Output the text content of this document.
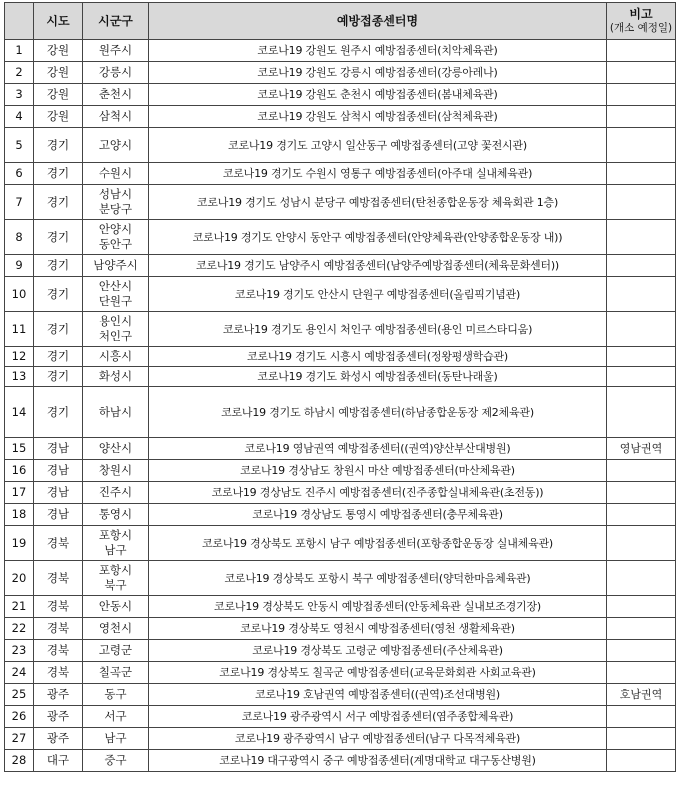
	시도	시군구	예방접종센터명	비고
(개소 예정일)

1	강원	원주시	코로나19 강원도 원주시 예방접종센터(치악체육관)	
2	강원	강릉시	코로나19 강원도 강릉시 예방접종센터(강릉아레나)	
3	강원	춘천시	코로나19 강원도 춘천시 예방접종센터(봄내체육관)	
4	강원	삼척시	코로나19 강원도 삼척시 예방접종센터(삼척체육관)	
5	경기	고양시	코로나19 경기도 고양시 일산동구 예방접종센터(고양 꽃전시관)	
6	경기	수원시	코로나19 경기도 수원시 영통구 예방접종센터(아주대 실내체육관)	
7	경기	성남시
분당구	코로나19 경기도 성남시 분당구 예방접종센터(탄천종합운동장 체육회관 1층)	
8	경기	안양시
동안구	코로나19 경기도 안양시 동안구 예방접종센터(안양체육관(안양종합운동장 내))	
9	경기	남양주시	코로나19 경기도 남양주시 예방접종센터(남양주예방접종센터(체육문화센터))	
10	경기	안산시
단원구	코로나19 경기도 안산시 단원구 예방접종센터(올림픽기념관)	
11	경기	용인시
처인구	코로나19 경기도 용인시 처인구 예방접종센터(용인 미르스타디움)	
12	경기	시흥시	코로나19 경기도 시흥시 예방접종센터(정왕평생학습관)	
13	경기	화성시	코로나19 경기도 화성시 예방접종센터(동탄나래울)	
14	경기	하남시	코로나19 경기도 하남시 예방접종센터(하남종합운동장 제2체육관)	
15	경남	양산시	코로나19 영남권역 예방접종센터((권역)양산부산대병원)	영남권역
16	경남	창원시	코로나19 경상남도 창원시 마산 예방접종센터(마산체육관)	
17	경남	진주시	코로나19 경상남도 진주시 예방접종센터(진주종합실내체육관(초전동))	
18	경남	통영시	코로나19 경상남도 통영시 예방접종센터(충무체육관)	
19	경북	포항시
남구	코로나19 경상북도 포항시 남구 예방접종센터(포항종합운동장 실내체육관)	
20	경북	포항시
북구	코로나19 경상북도 포항시 북구 예방접종센터(양덕한마음체육관)	
21	경북	안동시	코로나19 경상북도 안동시 예방접종센터(안동체육관 실내보조경기장)	
22	경북	영천시	코로나19 경상북도 영천시 예방접종센터(영천 생활체육관)	
23	경북	고령군	코로나19 경상북도 고령군 예방접종센터(주산체육관)	
24	경북	칠곡군	코로나19 경상북도 칠곡군 예방접종센터(교육문화회관 사회교육관)	
25	광주	동구	코로나19 호남권역 예방접종센터((권역)조선대병원)	호남권역
26	광주	서구	코로나19 광주광역시 서구 예방접종센터(염주종합체육관)	
27	광주	남구	코로나19 광주광역시 남구 예방접종센터(남구 다목적체육관)	
28	대구	중구	코로나19 대구광역시 중구 예방접종센터(계명대학교 대구동산병원)	
